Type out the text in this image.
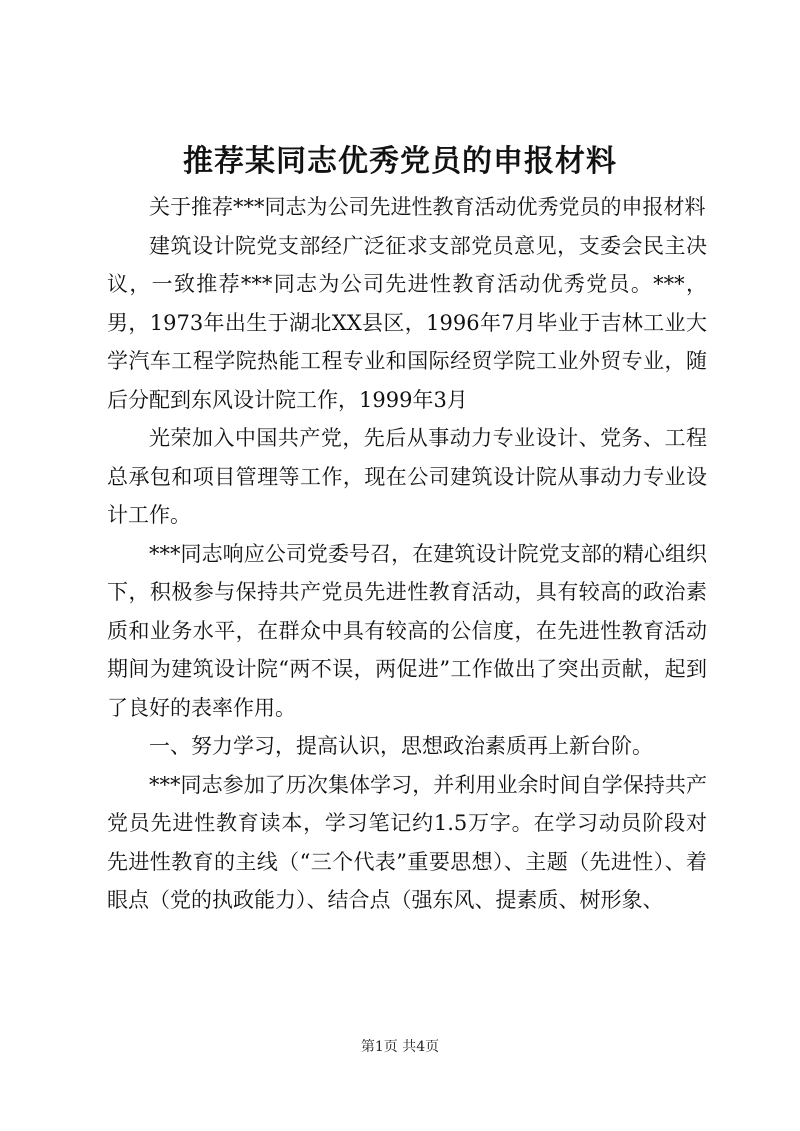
推荐某同志优秀党员的申报材料

关于推荐***同志为公司先进性教育活动优秀党员的申报材料

建筑设计院党支部经广泛征求支部党员意见，支委会民主决议，一致推荐***同志为公司先进性教育活动优秀党员。***，男，1973年出生于湖北XX县区，1996年7月毕业于吉林工业大学汽车工程学院热能工程专业和国际经贸学院工业外贸专业，随后分配到东风设计院工作，1999年3月

光荣加入中国共产党，先后从事动力专业设计、党务、工程总承包和项目管理等工作，现在公司建筑设计院从事动力专业设计工作。

***同志响应公司党委号召，在建筑设计院党支部的精心组织下，积极参与保持共产党员先进性教育活动，具有较高的政治素质和业务水平，在群众中具有较高的公信度，在先进性教育活动期间为建筑设计院“两不误，两促进”工作做出了突出贡献，起到了良好的表率作用。

一、努力学习，提高认识，思想政治素质再上新台阶。

***同志参加了历次集体学习，并利用业余时间自学保持共产党员先进性教育读本，学习笔记约1.5万字。在学习动员阶段对先进性教育的主线（“三个代表”重要思想）、主题（先进性）、着眼点（党的执政能力）、结合点（强东风、提素质、树形象、

第1页 共4页
